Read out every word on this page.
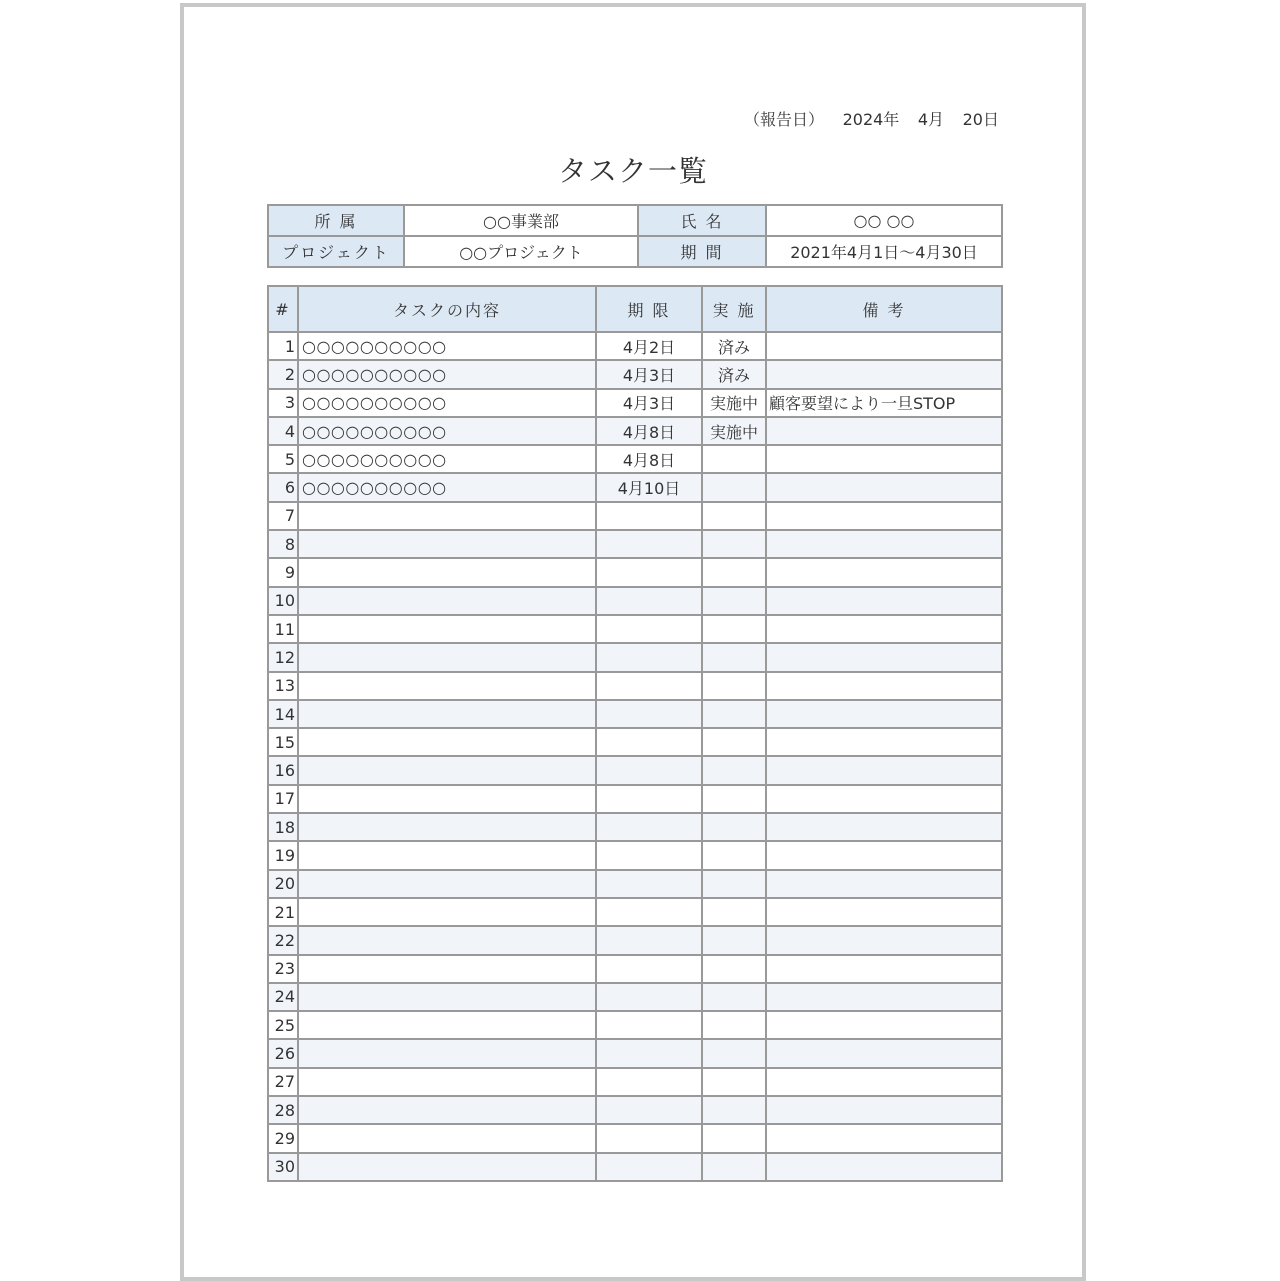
（報告日） 2024年 4月 20日
タスク一覧
所 属	○○事業部	氏 名	○○ ○○
プロジェクト	○○プロジェクト	期 間	2021年4月1日～4月30日
#	タスクの内容	期 限	実 施	備 考
1	○○○○○○○○○○	4月2日	済み	
2	○○○○○○○○○○	4月3日	済み	
3	○○○○○○○○○○	4月3日	実施中	顧客要望により一旦STOP
4	○○○○○○○○○○	4月8日	実施中	
5	○○○○○○○○○○	4月8日		
6	○○○○○○○○○○	4月10日		
7				
8				
9				
10				
11				
12				
13				
14				
15				
16				
17				
18				
19				
20				
21				
22				
23				
24				
25				
26				
27				
28				
29				
30				
